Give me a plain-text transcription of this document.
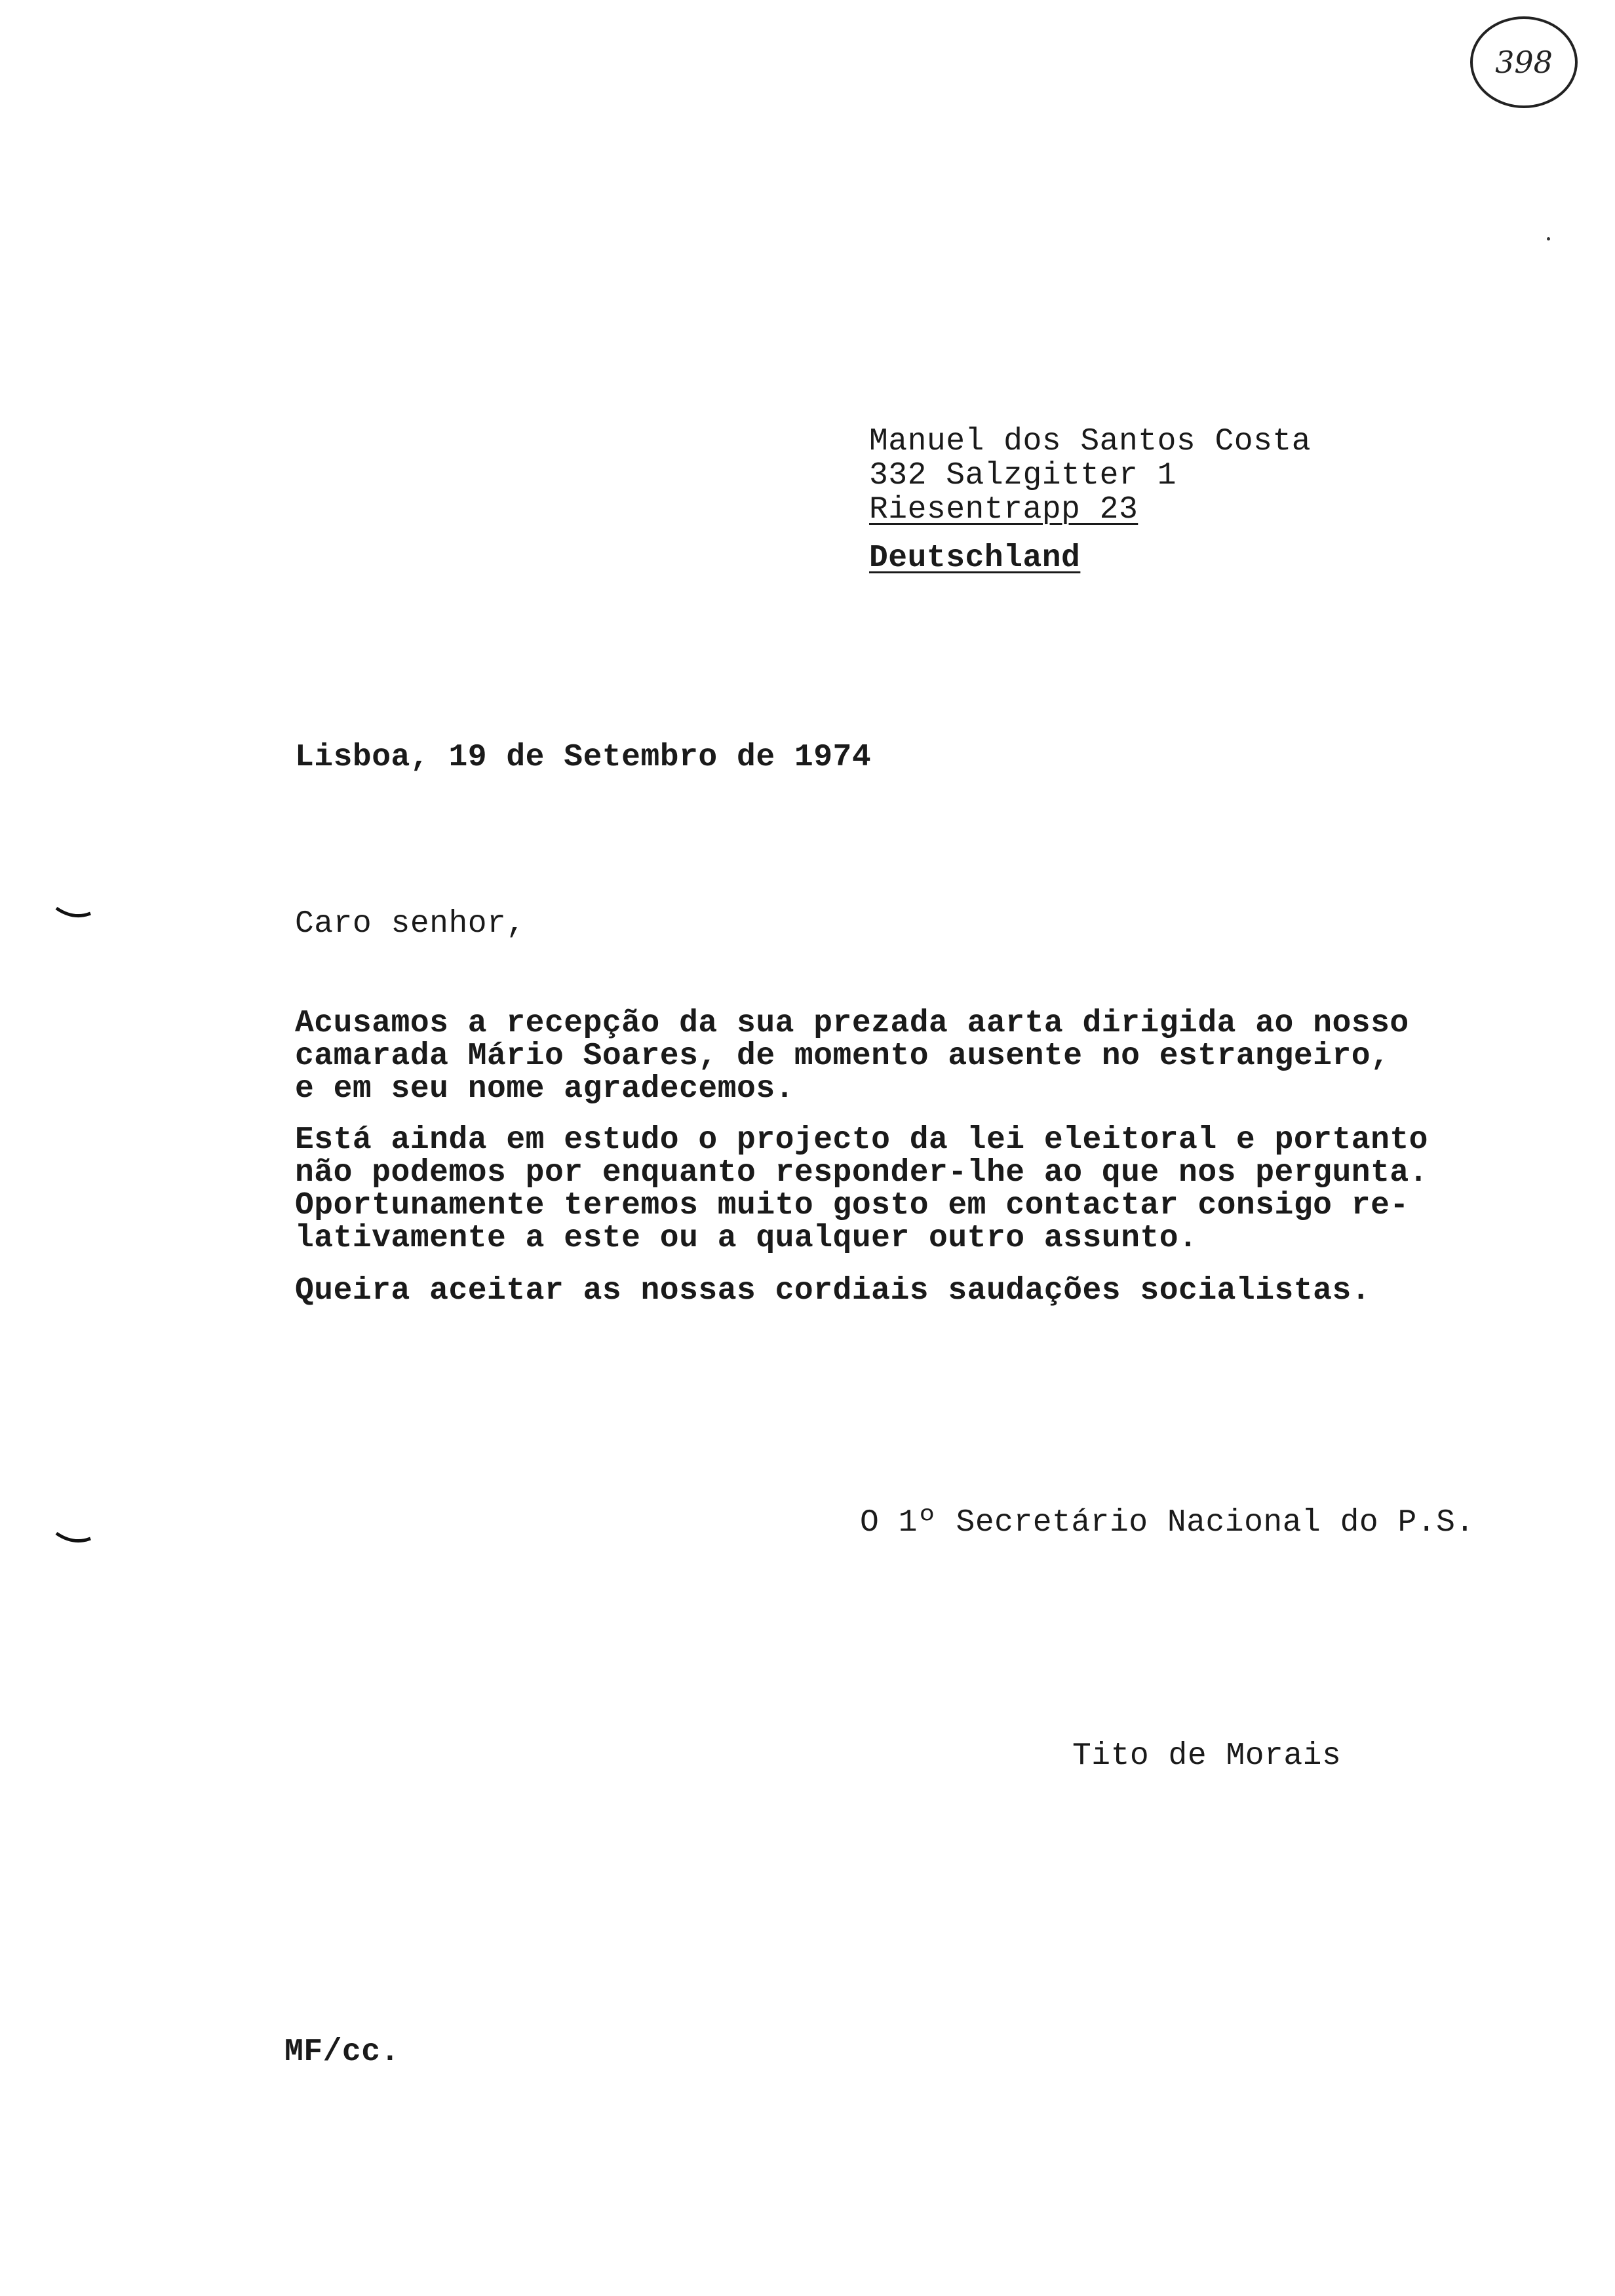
398
Manuel dos Santos Costa
332 Salzgitter 1
Riesentrapp 23
Deutschland
Lisboa, 19 de Setembro de 1974
Caro senhor,
Acusamos a recepção da sua prezada aarta dirigida ao nosso
camarada Mário Soares, de momento ausente no estrangeiro,
e em seu nome agradecemos.
Está ainda em estudo o projecto da lei eleitoral e portanto
não podemos por enquanto responder-lhe ao que nos pergunta.
Oportunamente teremos muito gosto em contactar consigo re-
lativamente a este ou a qualquer outro assunto.
Queira aceitar as nossas cordiais saudações socialistas.
O 1º Secretário Nacional do P.S.
Tito de Morais
MF/cc.
